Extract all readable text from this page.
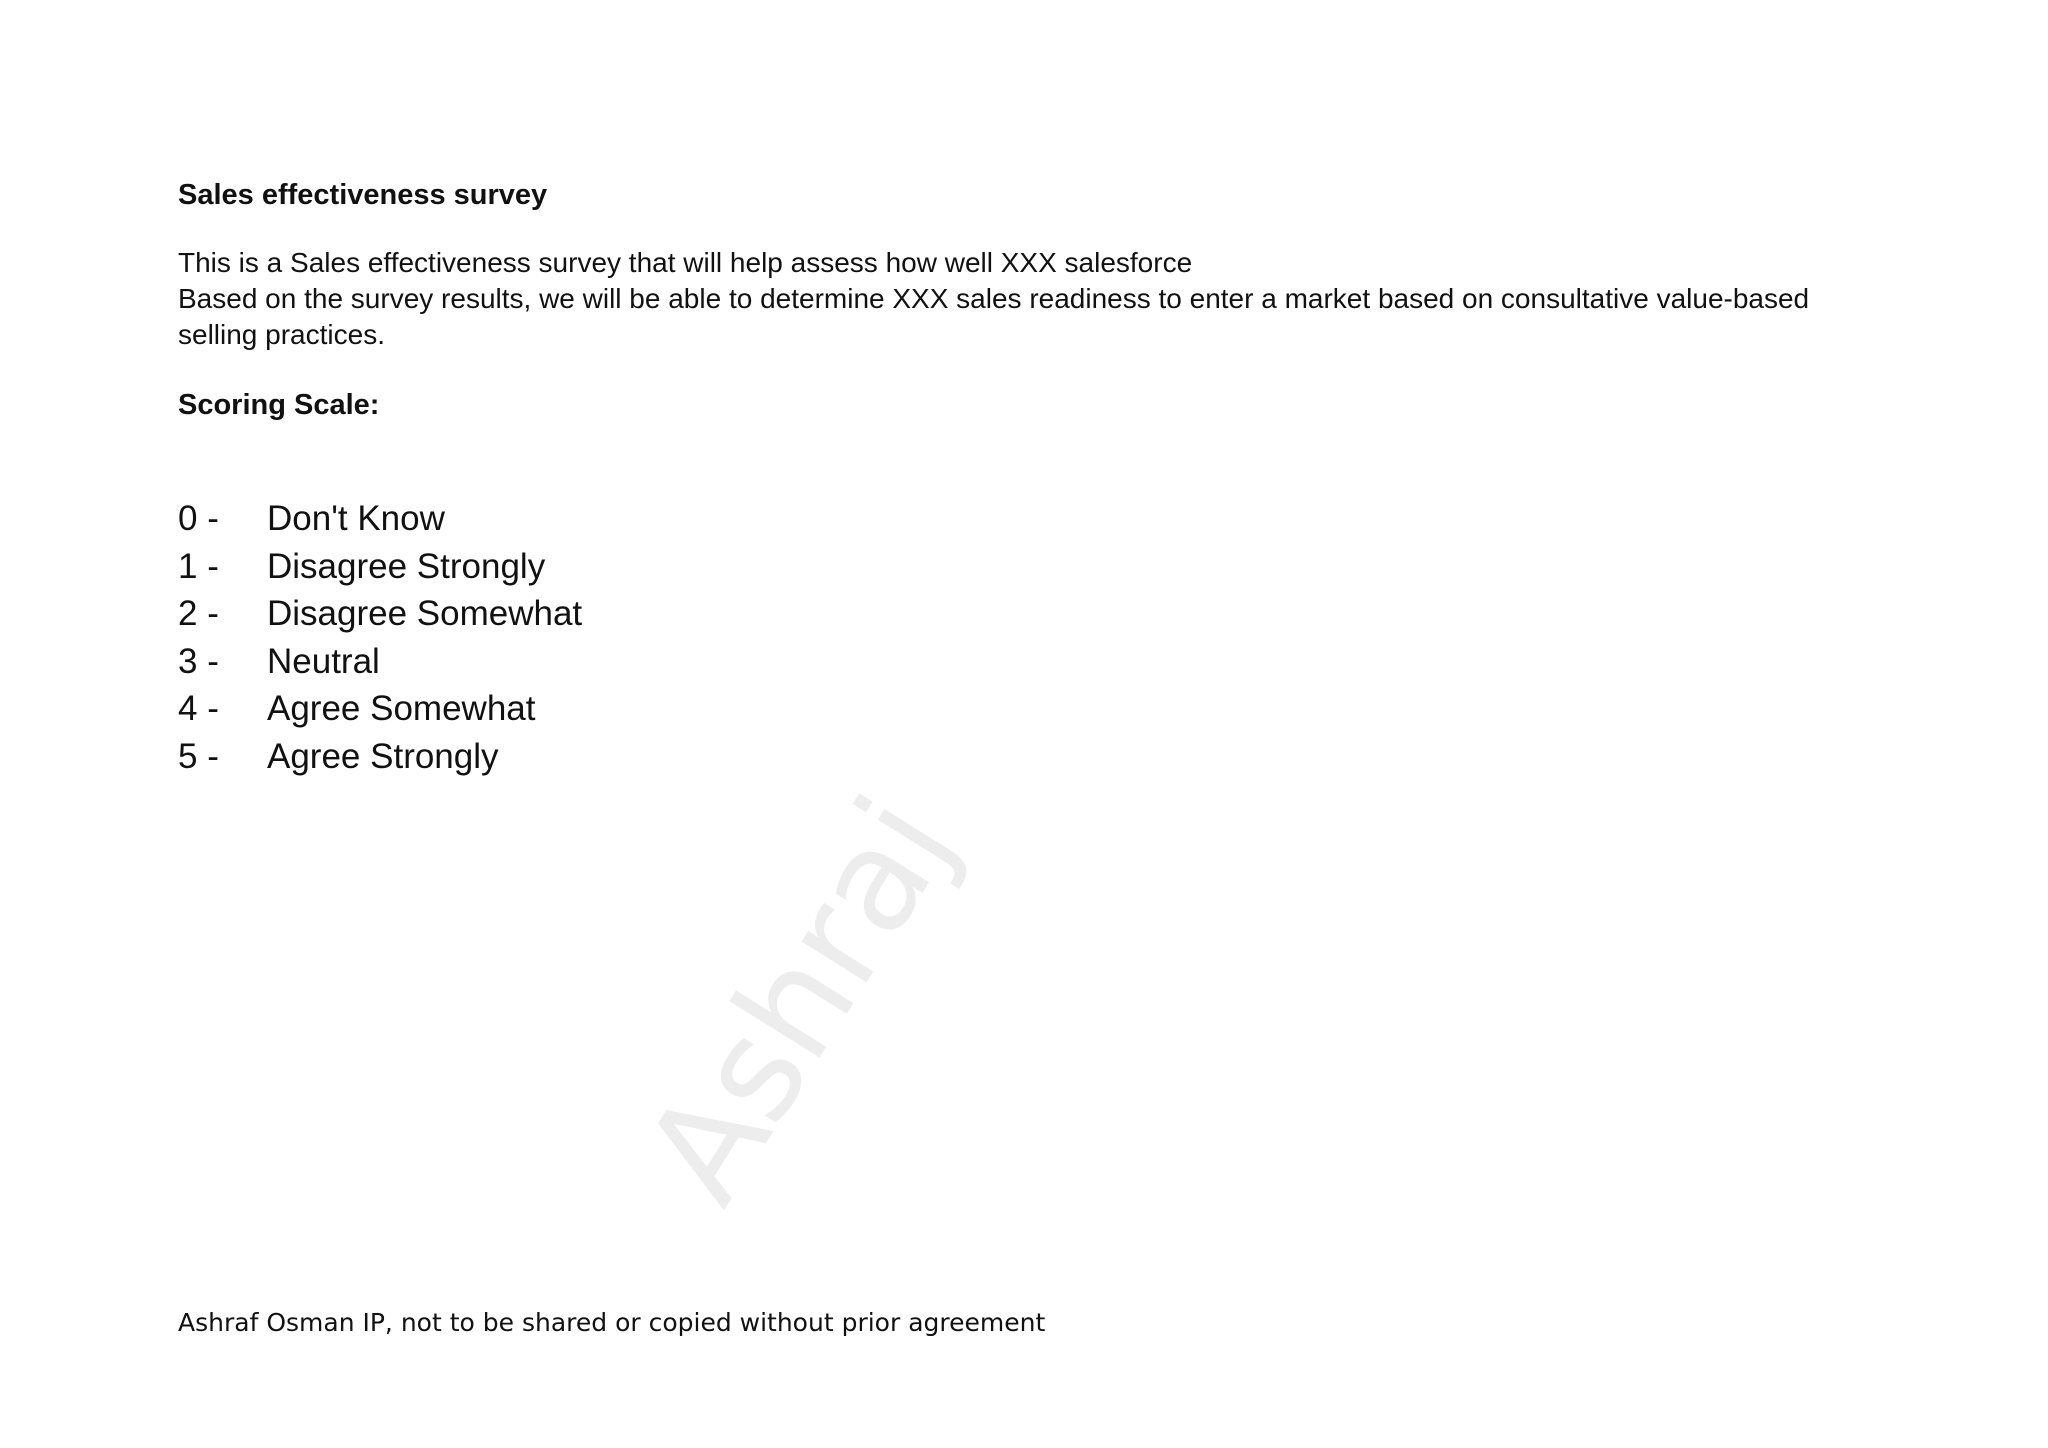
Sales effectiveness survey

This is a Sales effectiveness survey that will help assess how well XXX salesforce

Based on the survey results, we will be able to determine XXX sales readiness to enter a market based on consultative value-based selling practices.

Scoring Scale:
0 -	Don't Know
1 -	Disagree Strongly
2 -	Disagree Somewhat
3 -	Neutral
4 -	Agree Somewhat
5 -	Agree Strongly
Ashraj
Ashraf Osman IP, not to be shared or copied without prior agreement
